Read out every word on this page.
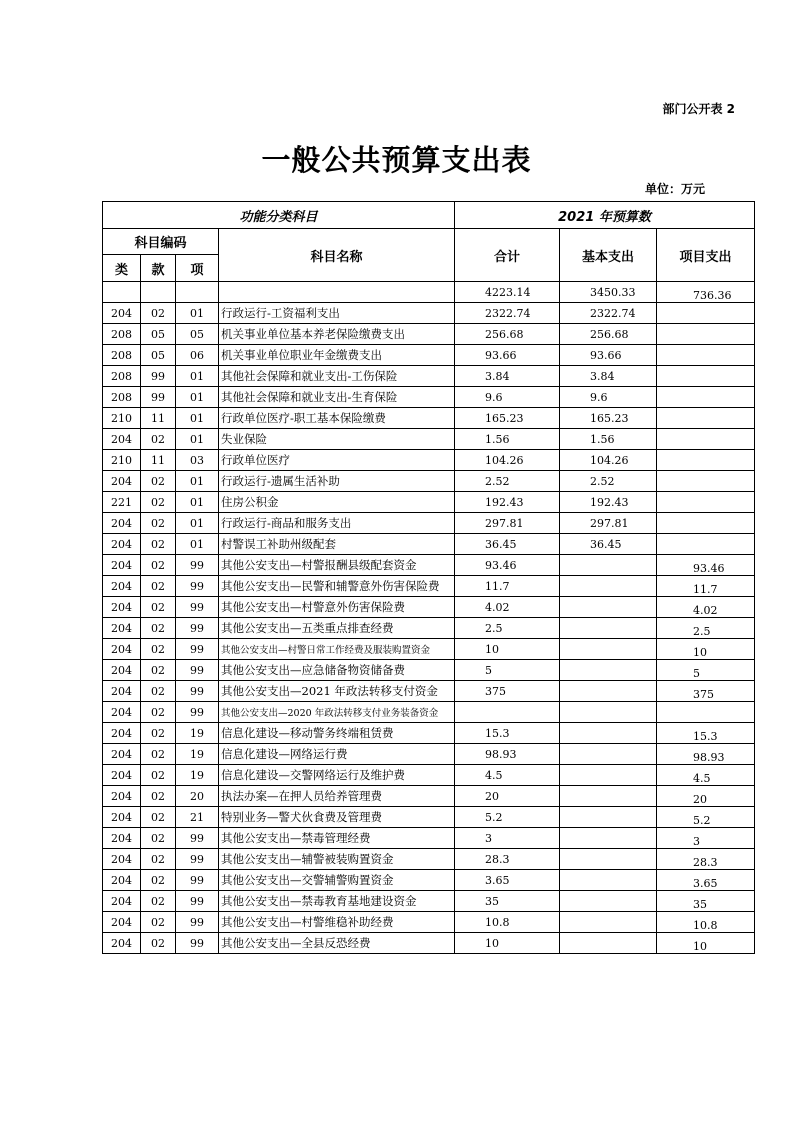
部门公开表 2
一般公共预算支出表
单位：万元
功能分类科目				2021 年预算数		
科目编码			科目名称	合计	基本支出	项目支出
类	款	项				
				4223.14	3450.33	736.36
204	02	01	行政运行-工资福利支出	2322.74	2322.74	
208	05	05	机关事业单位基本养老保险缴费支出	256.68	256.68	
208	05	06	机关事业单位职业年金缴费支出	93.66	93.66	
208	99	01	其他社会保障和就业支出-工伤保险	3.84	3.84	
208	99	01	其他社会保障和就业支出-生育保险	9.6	9.6	
210	11	01	行政单位医疗-职工基本保险缴费	165.23	165.23	
204	02	01	失业保险	1.56	1.56	
210	11	03	行政单位医疗	104.26	104.26	
204	02	01	行政运行-遗属生活补助	2.52	2.52	
221	02	01	住房公积金	192.43	192.43	
204	02	01	行政运行-商品和服务支出	297.81	297.81	
204	02	01	村警误工补助州级配套	36.45	36.45	
204	02	99	其他公安支出—村警报酬县级配套资金	93.46		93.46
204	02	99	其他公安支出—民警和辅警意外伤害保险费	11.7		11.7
204	02	99	其他公安支出—村警意外伤害保险费	4.02		4.02
204	02	99	其他公安支出—五类重点排查经费	2.5		2.5
204	02	99	其他公安支出—村警日常工作经费及服装购置资金	10		10
204	02	99	其他公安支出—应急储备物资储备费	5		5
204	02	99	其他公安支出—2021 年政法转移支付资金	375		375
204	02	99	其他公安支出—2020 年政法转移支付业务装备资金			
204	02	19	信息化建设—移动警务终端租赁费	15.3		15.3
204	02	19	信息化建设—网络运行费	98.93		98.93
204	02	19	信息化建设—交警网络运行及维护费	4.5		4.5
204	02	20	执法办案—在押人员给养管理费	20		20
204	02	21	特别业务—警犬伙食费及管理费	5.2		5.2
204	02	99	其他公安支出—禁毒管理经费	3		3
204	02	99	其他公安支出—辅警被装购置资金	28.3		28.3
204	02	99	其他公安支出—交警辅警购置资金	3.65		3.65
204	02	99	其他公安支出—禁毒教育基地建设资金	35		35
204	02	99	其他公安支出—村警维稳补助经费	10.8		10.8
204	02	99	其他公安支出—全县反恐经费	10		10
